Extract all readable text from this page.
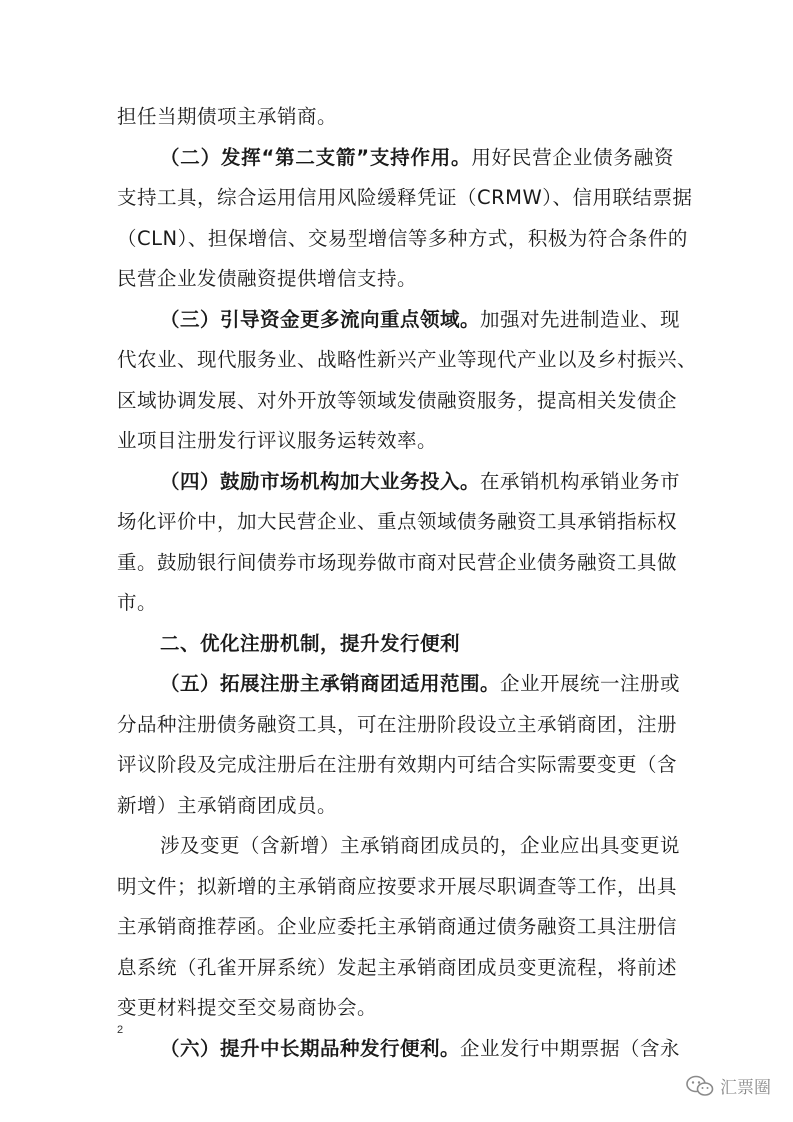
担任当期债项主承销商。
（二）发挥“第二支箭”支持作用。用好民营企业债务融资
支持工具，综合运用信用风险缓释凭证（CRMW）、信用联结票据
（CLN）、担保增信、交易型增信等多种方式，积极为符合条件的
民营企业发债融资提供增信支持。
（三）引导资金更多流向重点领域。加强对先进制造业、现
代农业、现代服务业、战略性新兴产业等现代产业以及乡村振兴、
区域协调发展、对外开放等领域发债融资服务，提高相关发债企
业项目注册发行评议服务运转效率。
（四）鼓励市场机构加大业务投入。在承销机构承销业务市
场化评价中，加大民营企业、重点领域债务融资工具承销指标权
重。鼓励银行间债券市场现券做市商对民营企业债务融资工具做
市。
二、优化注册机制，提升发行便利
（五）拓展注册主承销商团适用范围。企业开展统一注册或
分品种注册债务融资工具，可在注册阶段设立主承销商团，注册
评议阶段及完成注册后在注册有效期内可结合实际需要变更（含
新增）主承销商团成员。
涉及变更（含新增）主承销商团成员的，企业应出具变更说
明文件；拟新增的主承销商应按要求开展尽职调查等工作，出具
主承销商推荐函。企业应委托主承销商通过债务融资工具注册信
息系统（孔雀开屏系统）发起主承销商团成员变更流程，将前述
变更材料提交至交易商协会。
（六）提升中长期品种发行便利。企业发行中期票据（含永
2
汇票圈
